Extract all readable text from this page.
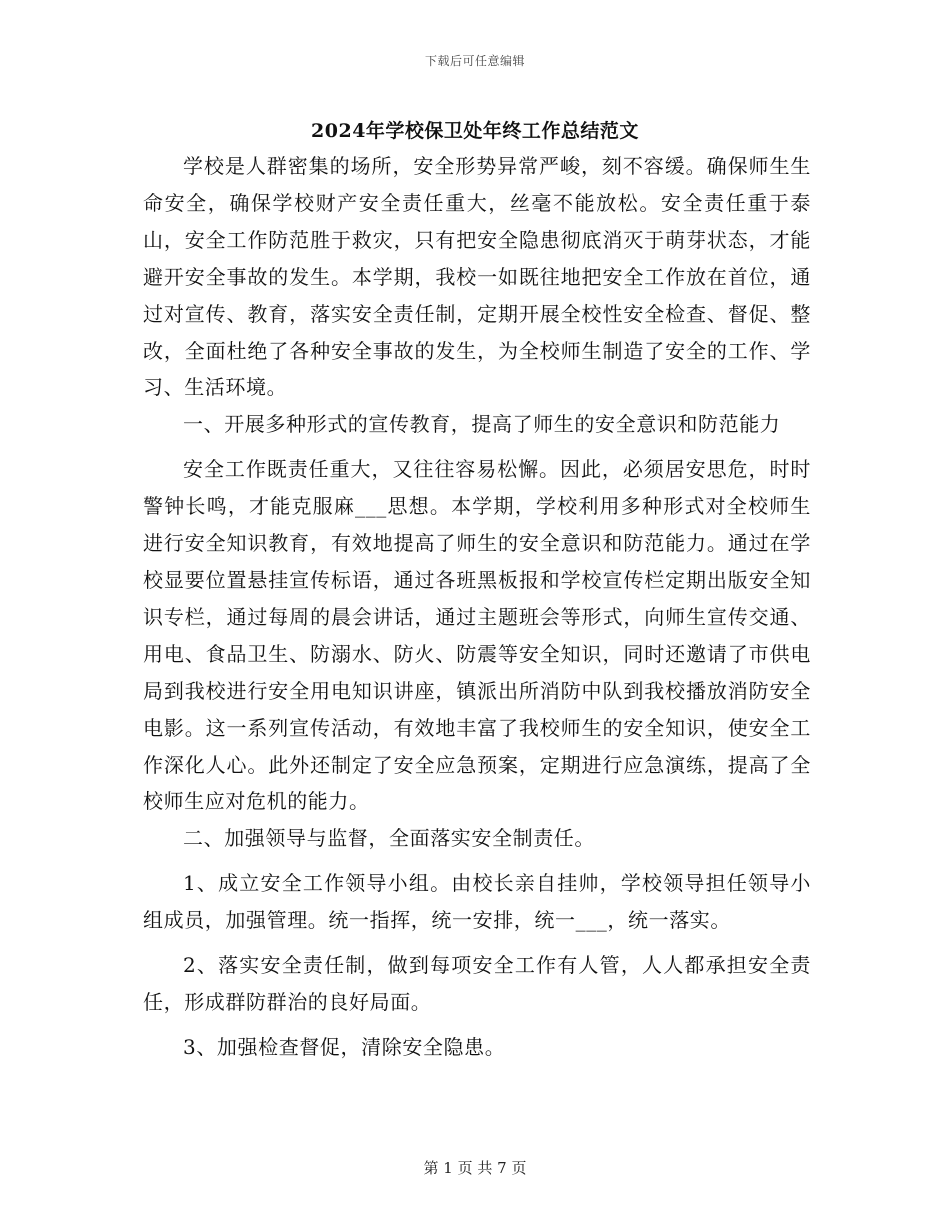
下载后可任意编辑
2024年学校保卫处年终工作总结范文

学校是人群密集的场所，安全形势异常严峻，刻不容缓。确保师生生命安全，确保学校财产安全责任重大，丝毫不能放松。安全责任重于泰山，安全工作防范胜于救灾，只有把安全隐患彻底消灭于萌芽状态，才能避开安全事故的发生。本学期，我校一如既往地把安全工作放在首位，通过对宣传、教育，落实安全责任制，定期开展全校性安全检查、督促、整改，全面杜绝了各种安全事故的发生，为全校师生制造了安全的工作、学习、生活环境。

一、开展多种形式的宣传教育，提高了师生的安全意识和防范能力

安全工作既责任重大，又往往容易松懈。因此，必须居安思危，时时警钟长鸣，才能克服麻___思想。本学期，学校利用多种形式对全校师生进行安全知识教育，有效地提高了师生的安全意识和防范能力。通过在学校显要位置悬挂宣传标语，通过各班黑板报和学校宣传栏定期出版安全知识专栏，通过每周的晨会讲话，通过主题班会等形式，向师生宣传交通、用电、食品卫生、防溺水、防火、防震等安全知识，同时还邀请了市供电局到我校进行安全用电知识讲座，镇派出所消防中队到我校播放消防安全电影。这一系列宣传活动，有效地丰富了我校师生的安全知识，使安全工作深化人心。此外还制定了安全应急预案，定期进行应急演练，提高了全校师生应对危机的能力。

二、加强领导与监督，全面落实安全制责任。

1、成立安全工作领导小组。由校长亲自挂帅，学校领导担任领导小组成员，加强管理。统一指挥，统一安排，统一___，统一落实。

2、落实安全责任制，做到每项安全工作有人管，人人都承担安全责任，形成群防群治的良好局面。

3、加强检查督促，清除安全隐患。

第 1 页 共 7 页
